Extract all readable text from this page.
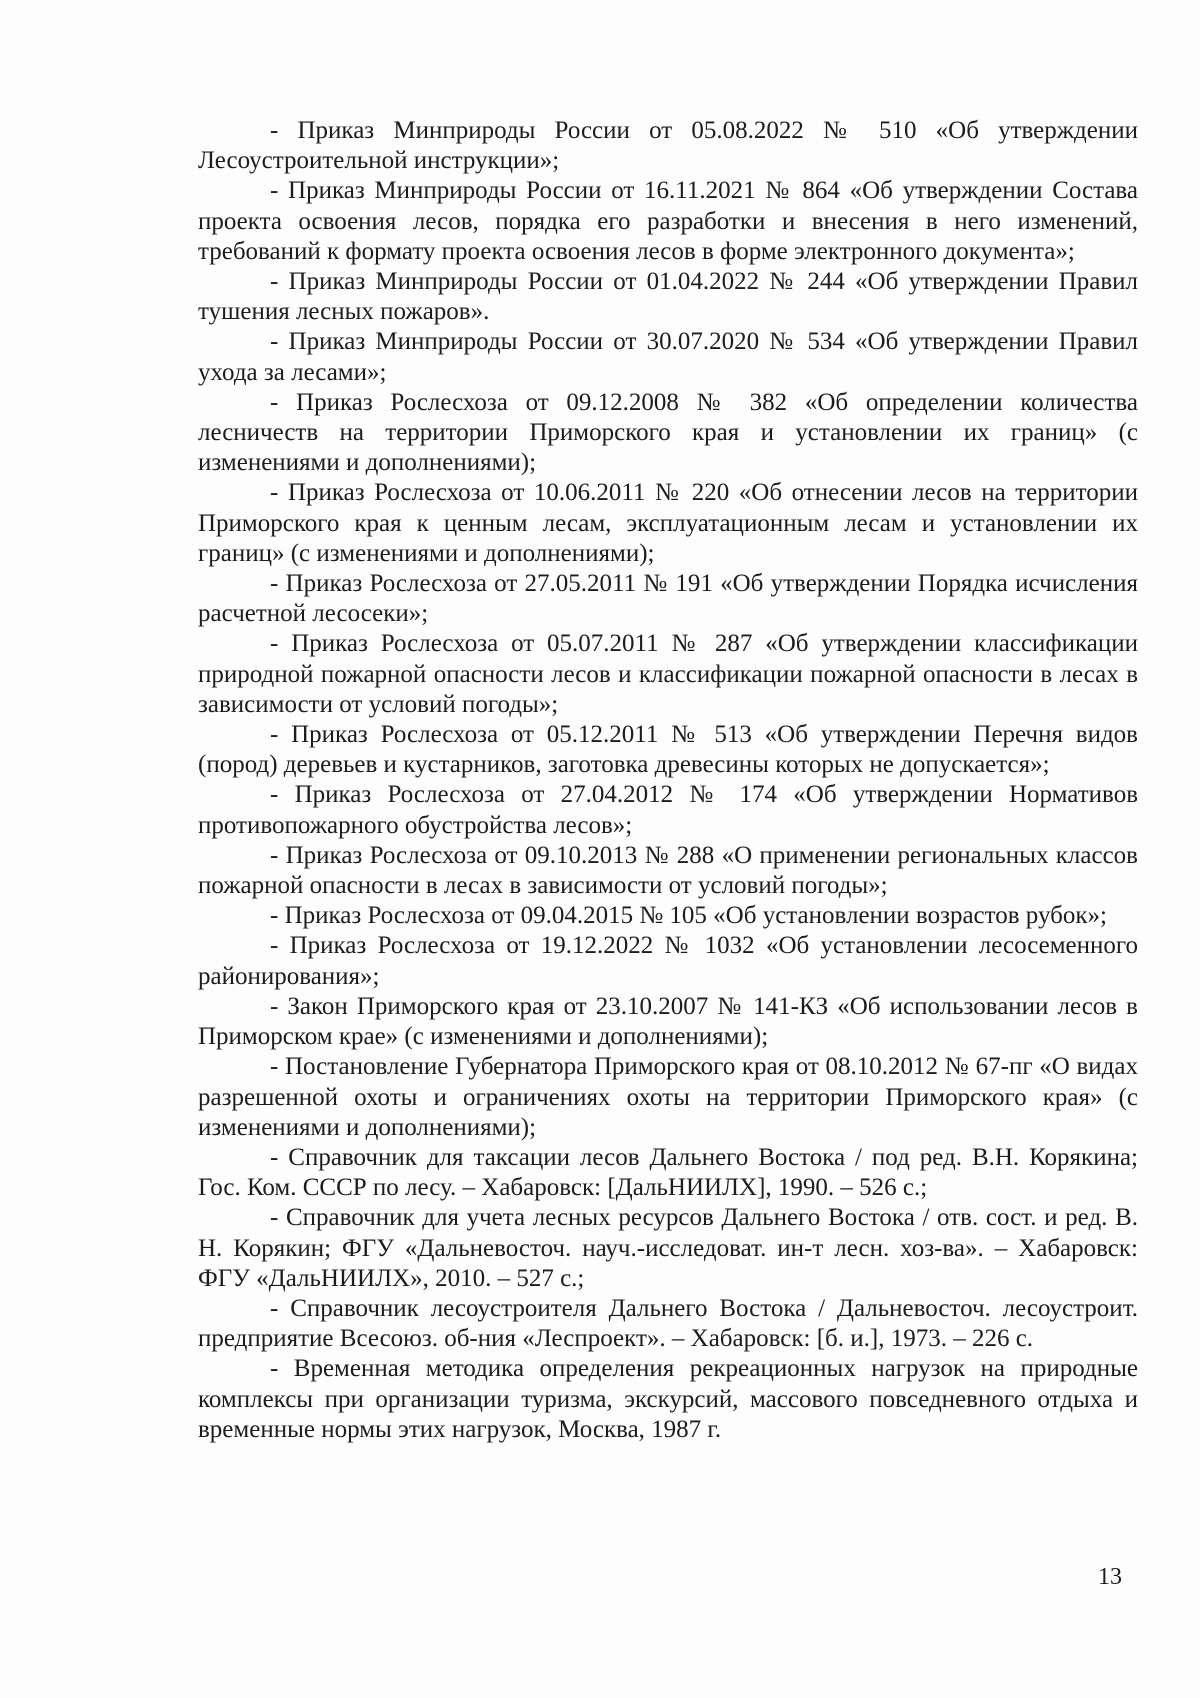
- Приказ Минприроды России от 05.08.2022 № 510 «Об утверждении Лесоустроительной инструкции»;

- Приказ Минприроды России от 16.11.2021 № 864 «Об утверждении Состава проекта освоения лесов, порядка его разработки и внесения в него изменений, требований к формату проекта освоения лесов в форме электронного документа»;

- Приказ Минприроды России от 01.04.2022 № 244 «Об утверждении Правил тушения лесных пожаров».

- Приказ Минприроды России от 30.07.2020 № 534 «Об утверждении Правил ухода за лесами»;

- Приказ Рослесхоза от 09.12.2008 № 382 «Об определении количества лесничеств на территории Приморского края и установлении их границ» (с изменениями и дополнениями);

- Приказ Рослесхоза от 10.06.2011 № 220 «Об отнесении лесов на территории Приморского края к ценным лесам, эксплуатационным лесам и установлении их границ» (с изменениями и дополнениями);

- Приказ Рослесхоза от 27.05.2011 № 191 «Об утверждении Порядка исчисления расчетной лесосеки»;

- Приказ Рослесхоза от 05.07.2011 № 287 «Об утверждении классификации природной пожарной опасности лесов и классификации пожарной опасности в лесах в зависимости от условий погоды»;

- Приказ Рослесхоза от 05.12.2011 № 513 «Об утверждении Перечня видов (пород) деревьев и кустарников, заготовка древесины которых не допускается»;

- Приказ Рослесхоза от 27.04.2012 № 174 «Об утверждении Нормативов противопожарного обустройства лесов»;

- Приказ Рослесхоза от 09.10.2013 № 288 «О применении региональных классов пожарной опасности в лесах в зависимости от условий погоды»;

- Приказ Рослесхоза от 09.04.2015 № 105 «Об установлении возрастов рубок»;

- Приказ Рослесхоза от 19.12.2022 № 1032 «Об установлении лесосеменного районирования»;

- Закон Приморского края от 23.10.2007 № 141-КЗ «Об использовании лесов в Приморском крае» (с изменениями и дополнениями);

- Постановление Губернатора Приморского края от 08.10.2012 № 67-пг «О видах разрешенной охоты и ограничениях охоты на территории Приморского края» (с изменениями и дополнениями);

- Справочник для таксации лесов Дальнего Востока / под ред. В.Н. Корякина; Гос. Ком. СССР по лесу. – Хабаровск: [ДальНИИЛХ], 1990. – 526 с.;

- Справочник для учета лесных ресурсов Дальнего Востока / отв. сост. и ред. В. Н. Корякин; ФГУ «Дальневосточ. науч.-исследоват. ин-т лесн. хоз-ва». – Хабаровск: ФГУ «ДальНИИЛХ», 2010. – 527 с.;

- Справочник лесоустроителя Дальнего Востока / Дальневосточ. лесоустроит. предприятие Всесоюз. об-ния «Леспроект». – Хабаровск: [б. и.], 1973. – 226 с.

- Временная методика определения рекреационных нагрузок на природные комплексы при организации туризма, экскурсий, массового повседневного отдыха и временные нормы этих нагрузок, Москва, 1987 г.

13
